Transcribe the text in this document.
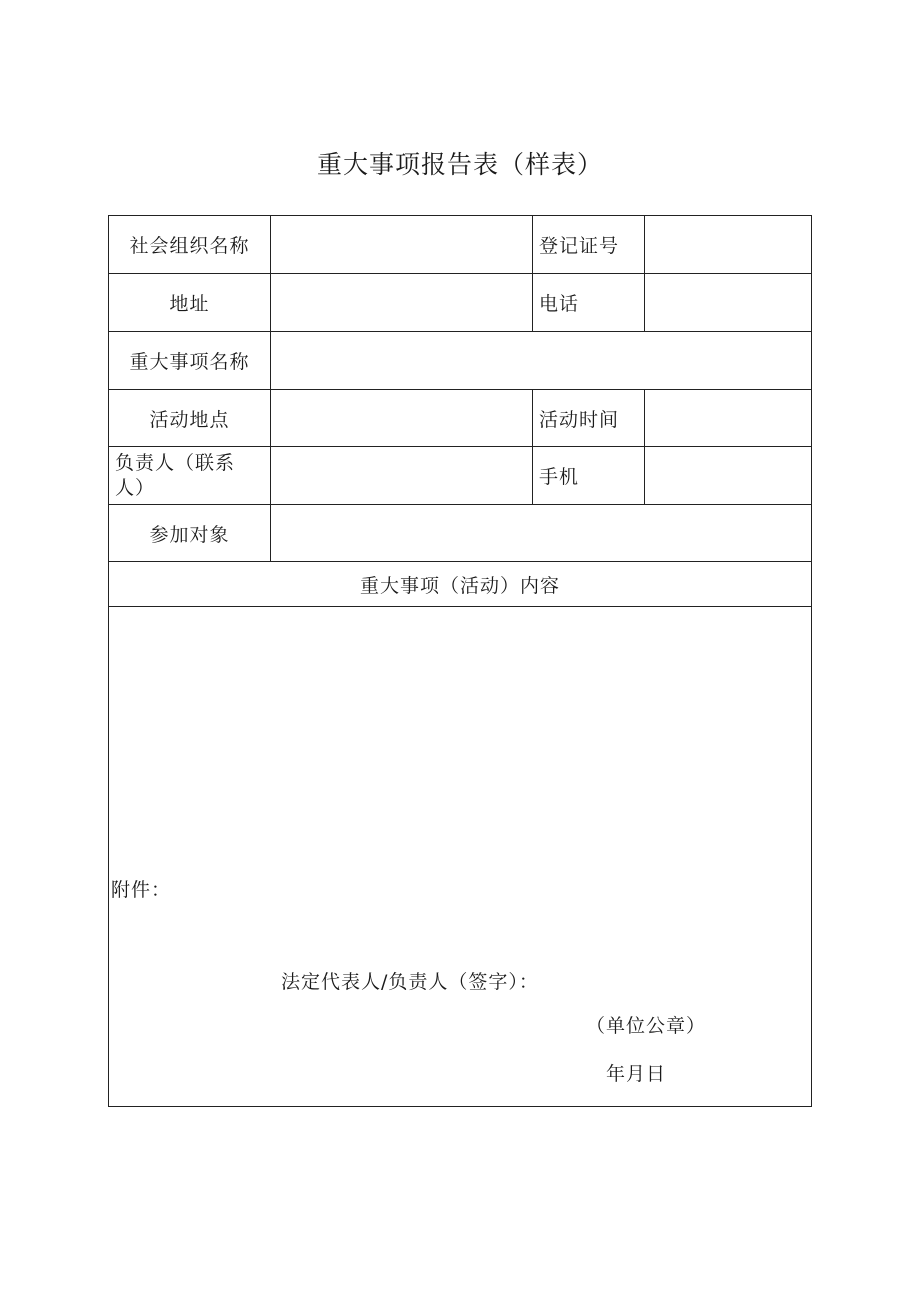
重大事项报告表（样表）
社会组织名称		登记证号	
地址		电话	
重大事项名称			
活动地点		活动时间	
负责人（联系人）		手机	
参加对象			
重大事项（活动）内容			

附件：
法定代表人/负责人（签字）：
（单位公章）
年月日			
